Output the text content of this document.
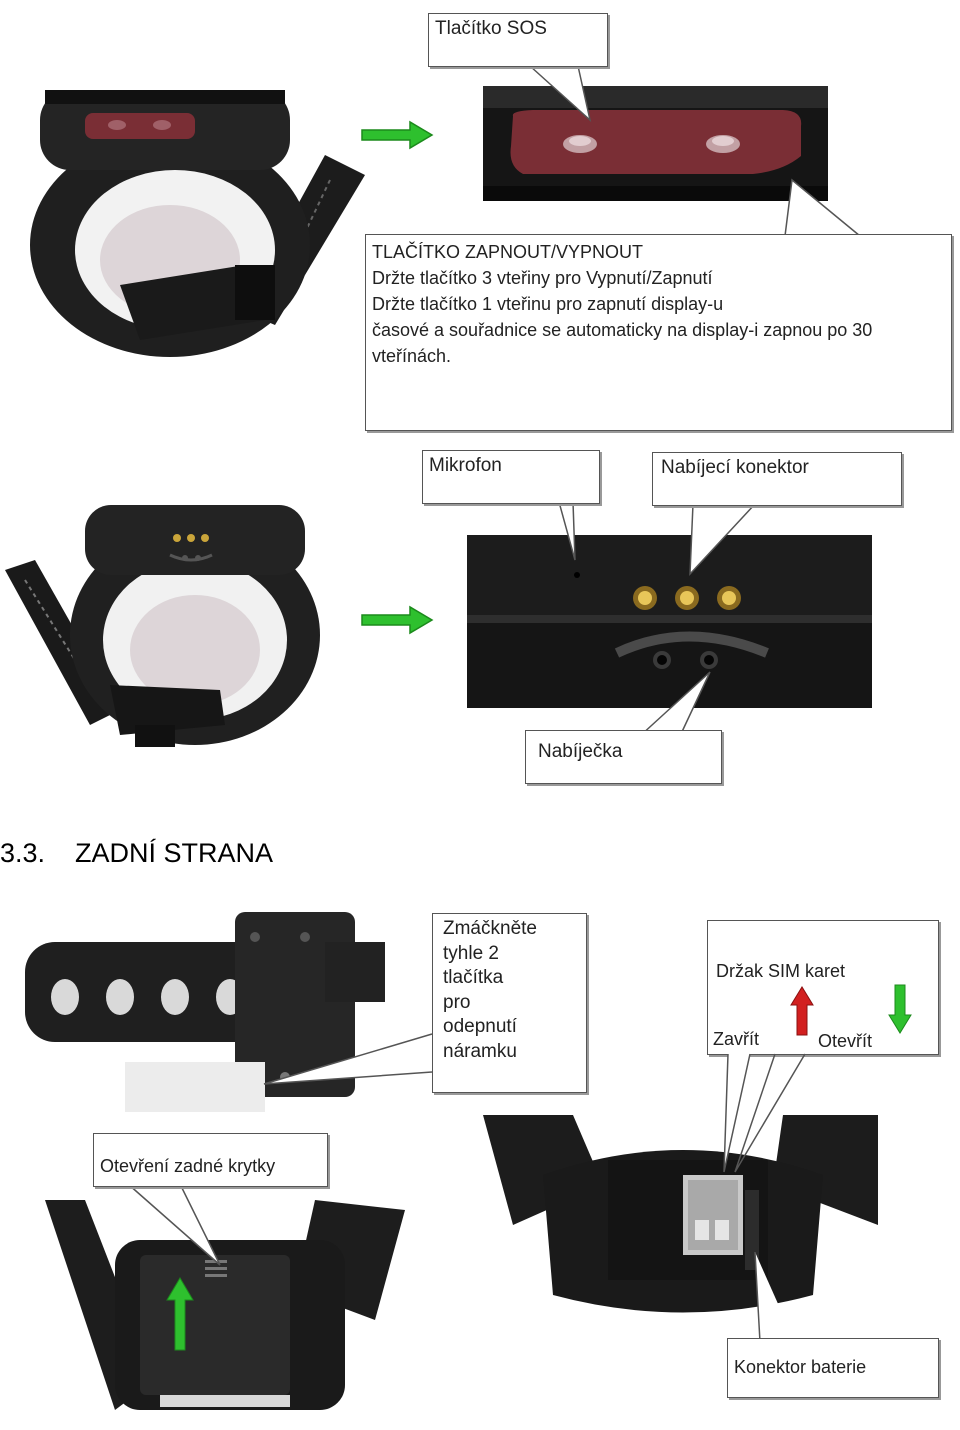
Tlačítko SOS
TLAČÍTKO ZAPNOUT/VYPNOUT
Držte tlačítko 3 vteřiny pro Vypnutí/Zapnutí
Držte tlačítko 1 vteřinu pro zapnutí display-u
časové a souřadnice se automaticky na display-i zapnou po 30
vteřínách.
Mikrofon	Nabíjecí konektor
Nabíječka
3.3. ZADNÍ STRANA
Zmáčkněte
tyhle 2
tlačítka
pro
odepnutí
náramku
Držak SIM karet
Zavřít	Otevřít
Otevření zadné krytky
Konektor baterie
